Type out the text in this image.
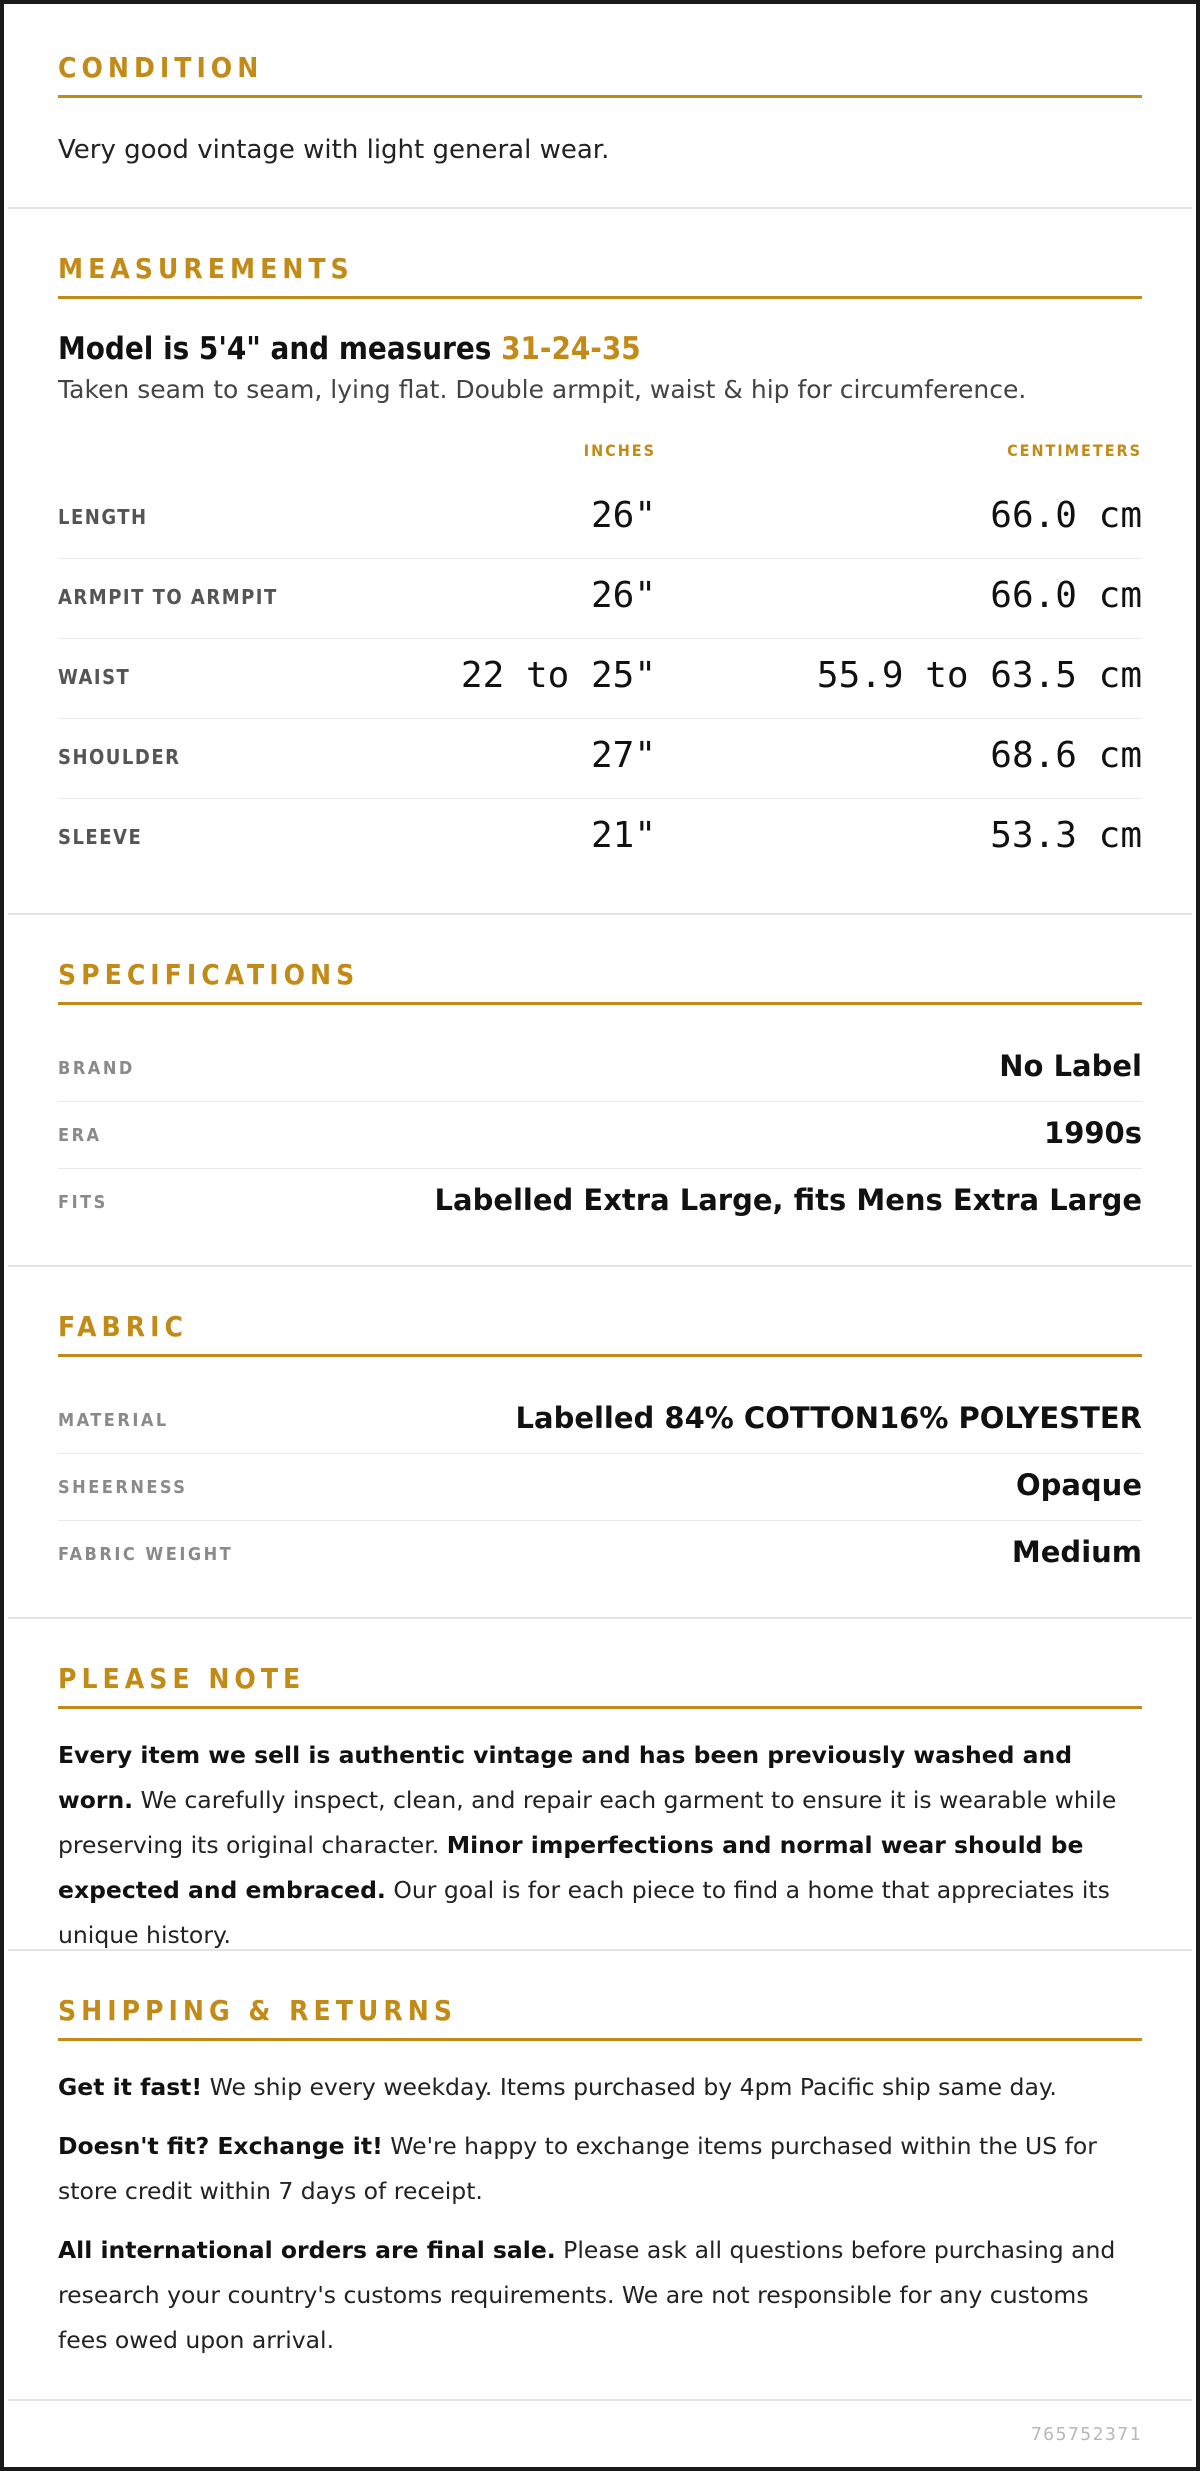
CONDITION
Very good vintage with light general wear.
MEASUREMENTS
Model is 5'4" and measures 31-24-35
Taken seam to seam, lying flat. Double armpit, waist & hip for circumference.
INCHES	CENTIMETERS
LENGTH	26"	66.0 cm
ARMPIT TO ARMPIT	26"	66.0 cm
WAIST	22 to 25"	55.9 to 63.5 cm
SHOULDER	27"	68.6 cm
SLEEVE	21"	53.3 cm
SPECIFICATIONS
BRAND	No Label
ERA	1990s
FITS	Labelled Extra Large, fits Mens Extra Large
FABRIC
MATERIAL	Labelled 84% COTTON16% POLYESTER
SHEERNESS	Opaque
FABRIC WEIGHT	Medium
PLEASE NOTE

Every item we sell is authentic vintage and has been previously washed and worn. We carefully inspect, clean, and repair each garment to ensure it is wearable while preserving its original character. Minor imperfections and normal wear should be expected and embraced. Our goal is for each piece to find a home that appreciates its unique history.

SHIPPING & RETURNS

Get it fast! We ship every weekday. Items purchased by 4pm Pacific ship same day.

Doesn't fit? Exchange it! We're happy to exchange items purchased within the US for store credit within 7 days of receipt.

All international orders are final sale. Please ask all questions before purchasing and research your country's customs requirements. We are not responsible for any customs fees owed upon arrival.

765752371
